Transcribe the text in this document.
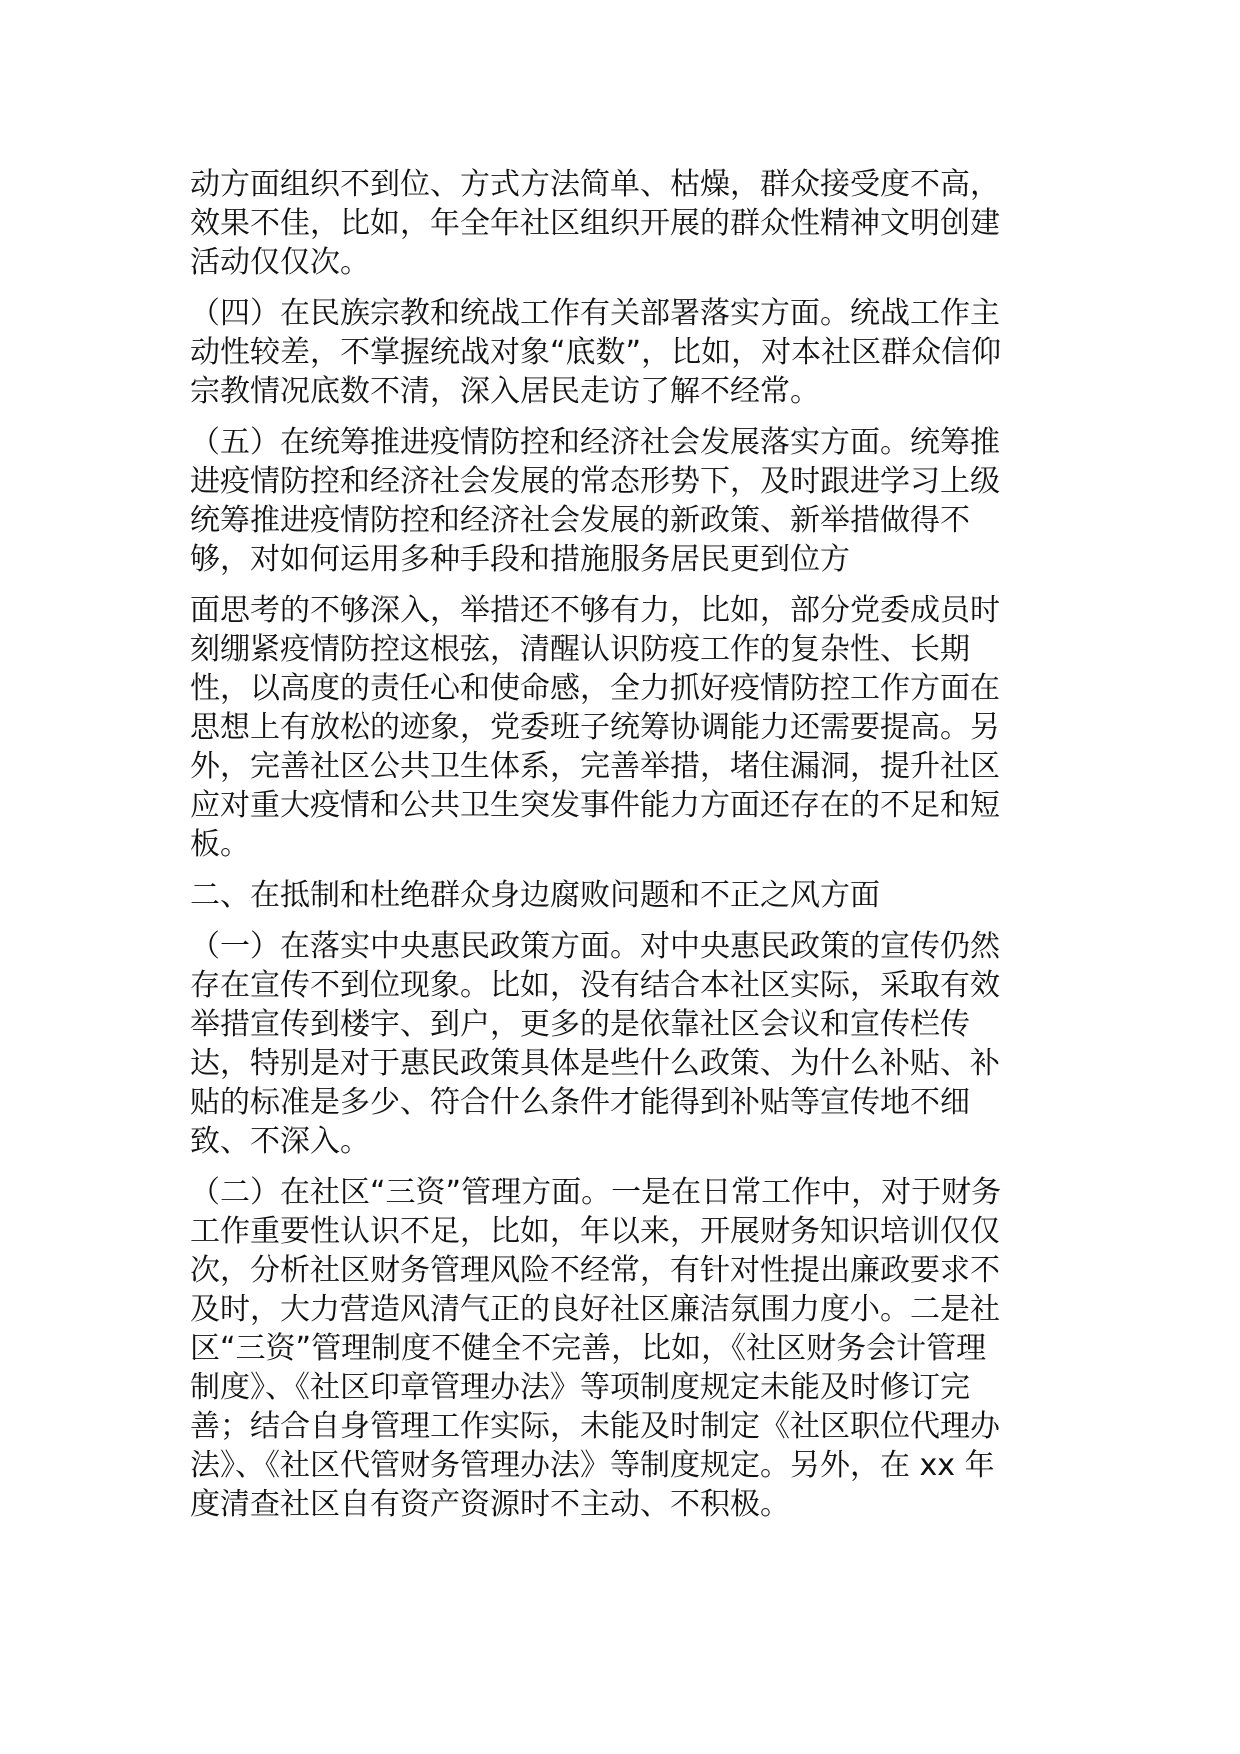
动方面组织不到位、方式方法简单、枯燥，群众接受度不高，
效果不佳，比如，年全年社区组织开展的群众性精神文明创建
活动仅仅次。

（四）在民族宗教和统战工作有关部署落实方面。统战工作主
动性较差，不掌握统战对象“底数”，比如，对本社区群众信仰
宗教情况底数不清，深入居民走访了解不经常。

（五）在统筹推进疫情防控和经济社会发展落实方面。统筹推
进疫情防控和经济社会发展的常态形势下，及时跟进学习上级
统筹推进疫情防控和经济社会发展的新政策、新举措做得不
够，对如何运用多种手段和措施服务居民更到位方

面思考的不够深入，举措还不够有力，比如，部分党委成员时
刻绷紧疫情防控这根弦，清醒认识防疫工作的复杂性、长期
性，以高度的责任心和使命感，全力抓好疫情防控工作方面在
思想上有放松的迹象，党委班子统筹协调能力还需要提高。另
外，完善社区公共卫生体系，完善举措，堵住漏洞，提升社区
应对重大疫情和公共卫生突发事件能力方面还存在的不足和短
板。

二、在抵制和杜绝群众身边腐败问题和不正之风方面

（一）在落实中央惠民政策方面。对中央惠民政策的宣传仍然
存在宣传不到位现象。比如，没有结合本社区实际，采取有效
举措宣传到楼宇、到户，更多的是依靠社区会议和宣传栏传
达，特别是对于惠民政策具体是些什么政策、为什么补贴、补
贴的标准是多少、符合什么条件才能得到补贴等宣传地不细
致、不深入。

（二）在社区“三资”管理方面。一是在日常工作中，对于财务
工作重要性认识不足，比如，年以来，开展财务知识培训仅仅
次，分析社区财务管理风险不经常，有针对性提出廉政要求不
及时，大力营造风清气正的良好社区廉洁氛围力度小。二是社
区“三资”管理制度不健全不完善，比如，《社区财务会计管理
制度》、《社区印章管理办法》等项制度规定未能及时修订完
善；结合自身管理工作实际，未能及时制定《社区职位代理办
法》、《社区代管财务管理办法》等制度规定。另外，在 xx 年
度清查社区自有资产资源时不主动、不积极。
